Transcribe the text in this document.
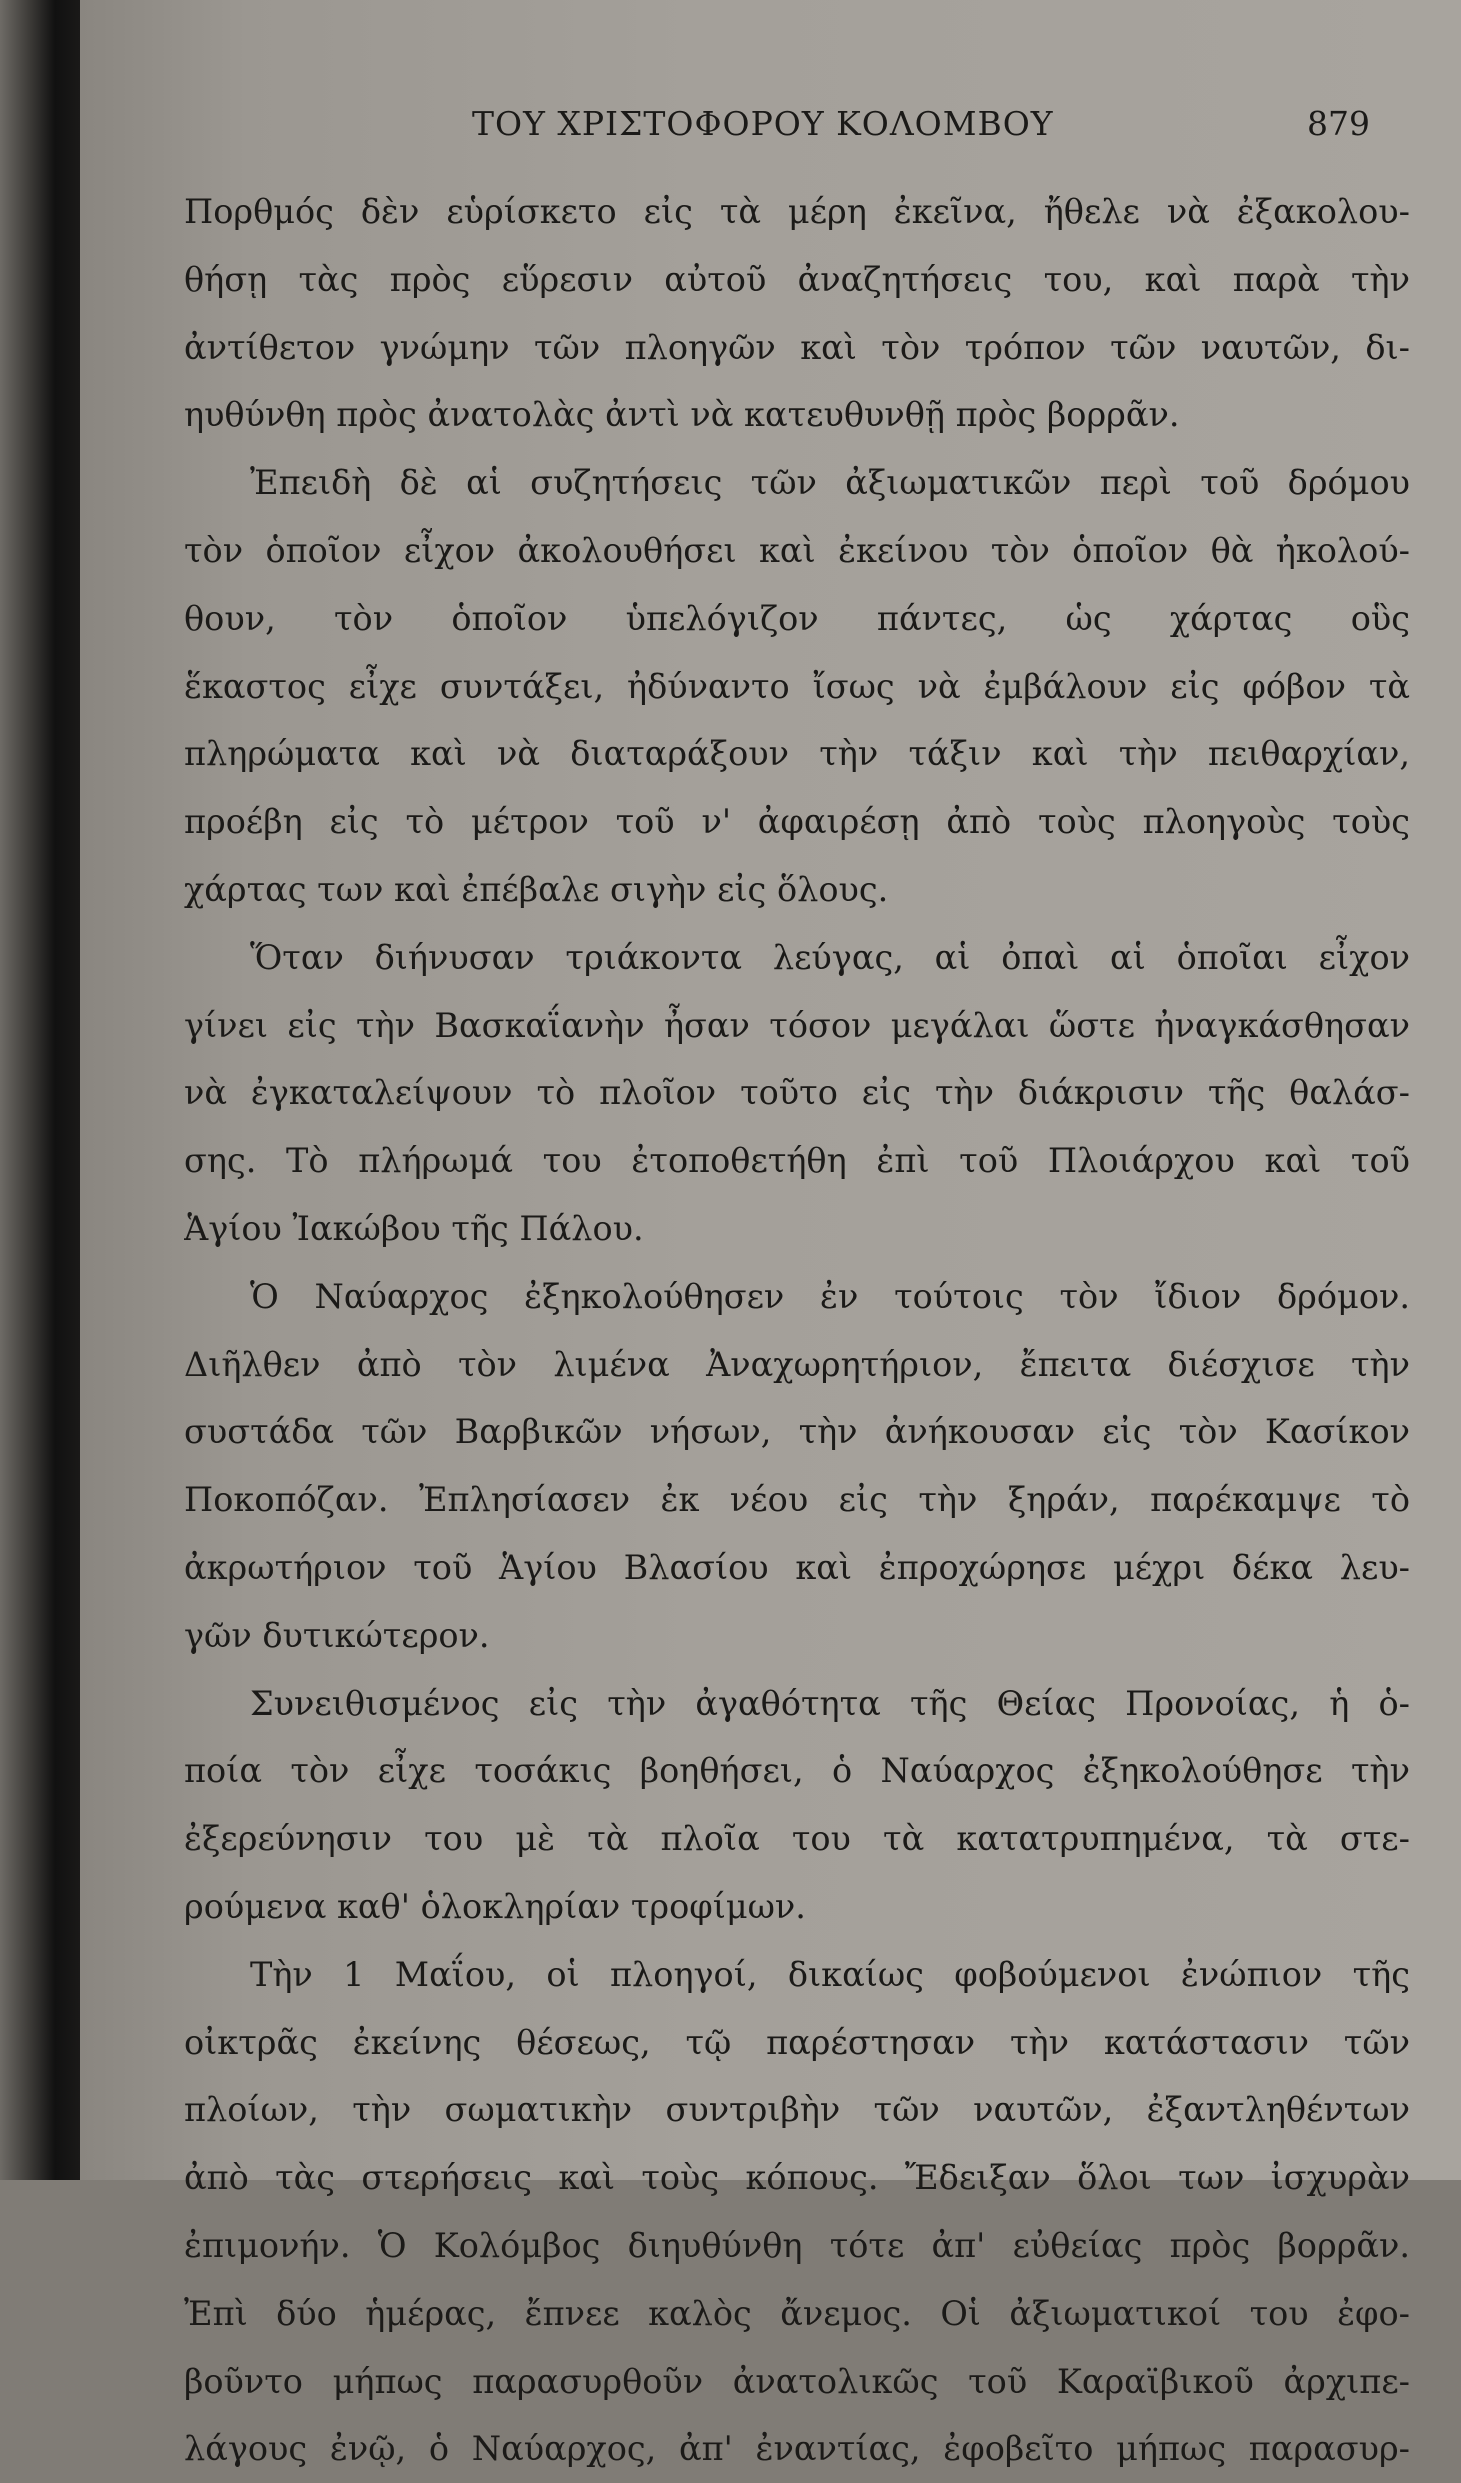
ΤΟΥ ΧΡΙΣΤΟΦΟΡΟΥ ΚΟΛΟΜΒΟΥ	879
Πορθμός δὲν εὑρίσκετο εἰς τὰ μέρη ἐκεῖνα, ἤθελε νὰ ἐξακολου-
θήσῃ τὰς πρὸς εὕρεσιν αὐτοῦ ἀναζητήσεις του, καὶ παρὰ τὴν
ἀντίθετον γνώμην τῶν πλοηγῶν καὶ τὸν τρόπον τῶν ναυτῶν, δι-
ηυθύνθη πρὸς ἀνατολὰς ἀντὶ νὰ κατευθυνθῇ πρὸς βορρᾶν.
Ἐπειδὴ δὲ αἱ συζητήσεις τῶν ἀξιωματικῶν περὶ τοῦ δρόμου
τὸν ὁποῖον εἶχον ἀκολουθήσει καὶ ἐκείνου τὸν ὁποῖον θὰ ἠκολού-
θουν, τὸν ὁποῖον ὑπελόγιζον πάντες, ὡς χάρτας οὓς
ἕκαστος εἶχε συντάξει, ἠδύναντο ἴσως νὰ ἐμβάλουν εἰς φόβον τὰ
πληρώματα καὶ νὰ διαταράξουν τὴν τάξιν καὶ τὴν πειθαρχίαν,
προέβη εἰς τὸ μέτρον τοῦ ν' ἀφαιρέσῃ ἀπὸ τοὺς πλοηγοὺς τοὺς
χάρτας των καὶ ἐπέβαλε σιγὴν εἰς ὅλους.
Ὅταν διήνυσαν τριάκοντα λεύγας, αἱ ὀπαὶ αἱ ὁποῖαι εἶχον
γίνει εἰς τὴν Βασκαΐανὴν ἦσαν τόσον μεγάλαι ὥστε ἠναγκάσθησαν
νὰ ἐγκαταλείψουν τὸ πλοῖον τοῦτο εἰς τὴν διάκρισιν τῆς θαλάσ-
σης. Τὸ πλήρωμά του ἐτοποθετήθη ἐπὶ τοῦ Πλοιάρχου καὶ τοῦ
Ἁγίου Ἰακώβου τῆς Πάλου.
Ὁ Ναύαρχος ἐξηκολούθησεν ἐν τούτοις τὸν ἴδιον δρόμον.
Διῆλθεν ἀπὸ τὸν λιμένα Ἀναχωρητήριον, ἔπειτα διέσχισε τὴν
συστάδα τῶν Βαρβικῶν νήσων, τὴν ἀνήκουσαν εἰς τὸν Κασίκον
Ποκοπόζαν. Ἐπλησίασεν ἐκ νέου εἰς τὴν ξηράν, παρέκαμψε τὸ
ἀκρωτήριον τοῦ Ἁγίου Βλασίου καὶ ἐπροχώρησε μέχρι δέκα λευ-
γῶν δυτικώτερον.
Συνειθισμένος εἰς τὴν ἀγαθότητα τῆς Θείας Προνοίας, ἡ ὁ-
ποία τὸν εἶχε τοσάκις βοηθήσει, ὁ Ναύαρχος ἐξηκολούθησε τὴν
ἐξερεύνησιν του μὲ τὰ πλοῖα του τὰ κατατρυπημένα, τὰ στε-
ρούμενα καθ' ὁλοκληρίαν τροφίμων.
Τὴν 1 Μαΐου, οἱ πλοηγοί, δικαίως φοβούμενοι ἐνώπιον τῆς
οἰκτρᾶς ἐκείνης θέσεως, τῷ παρέστησαν τὴν κατάστασιν τῶν
πλοίων, τὴν σωματικὴν συντριβὴν τῶν ναυτῶν, ἐξαντληθέντων
ἀπὸ τὰς στερήσεις καὶ τοὺς κόπους. Ἔδειξαν ὅλοι των ἰσχυρὰν
ἐπιμονήν. Ὁ Κολόμβος διηυθύνθη τότε ἀπ' εὐθείας πρὸς βορρᾶν.
Ἐπὶ δύο ἡμέρας, ἔπνεε καλὸς ἄνεμος. Οἱ ἀξιωματικοί του ἐφο-
βοῦντο μήπως παρασυρθοῦν ἀνατολικῶς τοῦ Καραϊβικοῦ ἀρχιπε-
λάγους ἐνῷ, ὁ Ναύαρχος, ἀπ' ἐναντίας, ἐφοβεῖτο μήπως παρασυρ-
